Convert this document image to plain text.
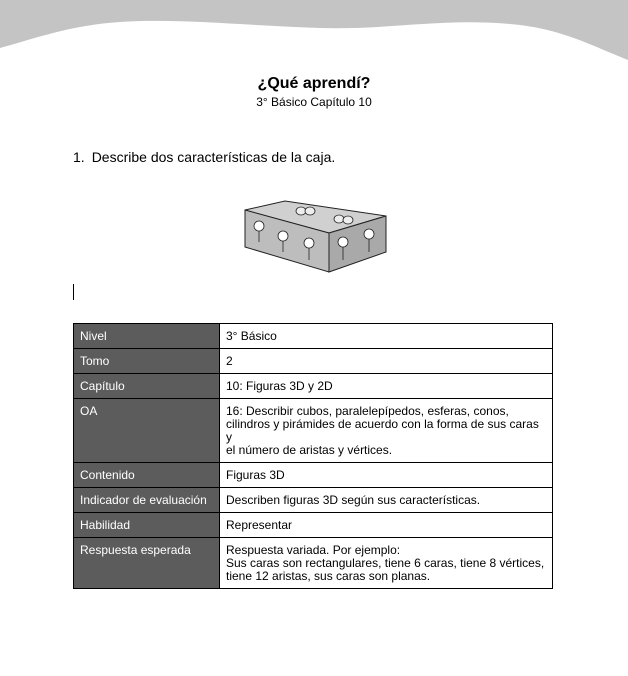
¿Qué aprendí?
3° Básico Capítulo 10
1. Describe dos características de la caja.
Nivel	3° Básico
Tomo	2
Capítulo	10: Figuras 3D y 2D
OA	16: Describir cubos, paralelepípedos, esferas, conos,
cilindros y pirámides de acuerdo con la forma de sus caras y
el número de aristas y vértices.

Contenido	Figuras 3D
Indicador de evaluación	Describen figuras 3D según sus características.
Habilidad	Representar
Respuesta esperada	Respuesta variada. Por ejemplo:
Sus caras son rectangulares, tiene 6 caras, tiene 8 vértices,
tiene 12 aristas, sus caras son planas.
